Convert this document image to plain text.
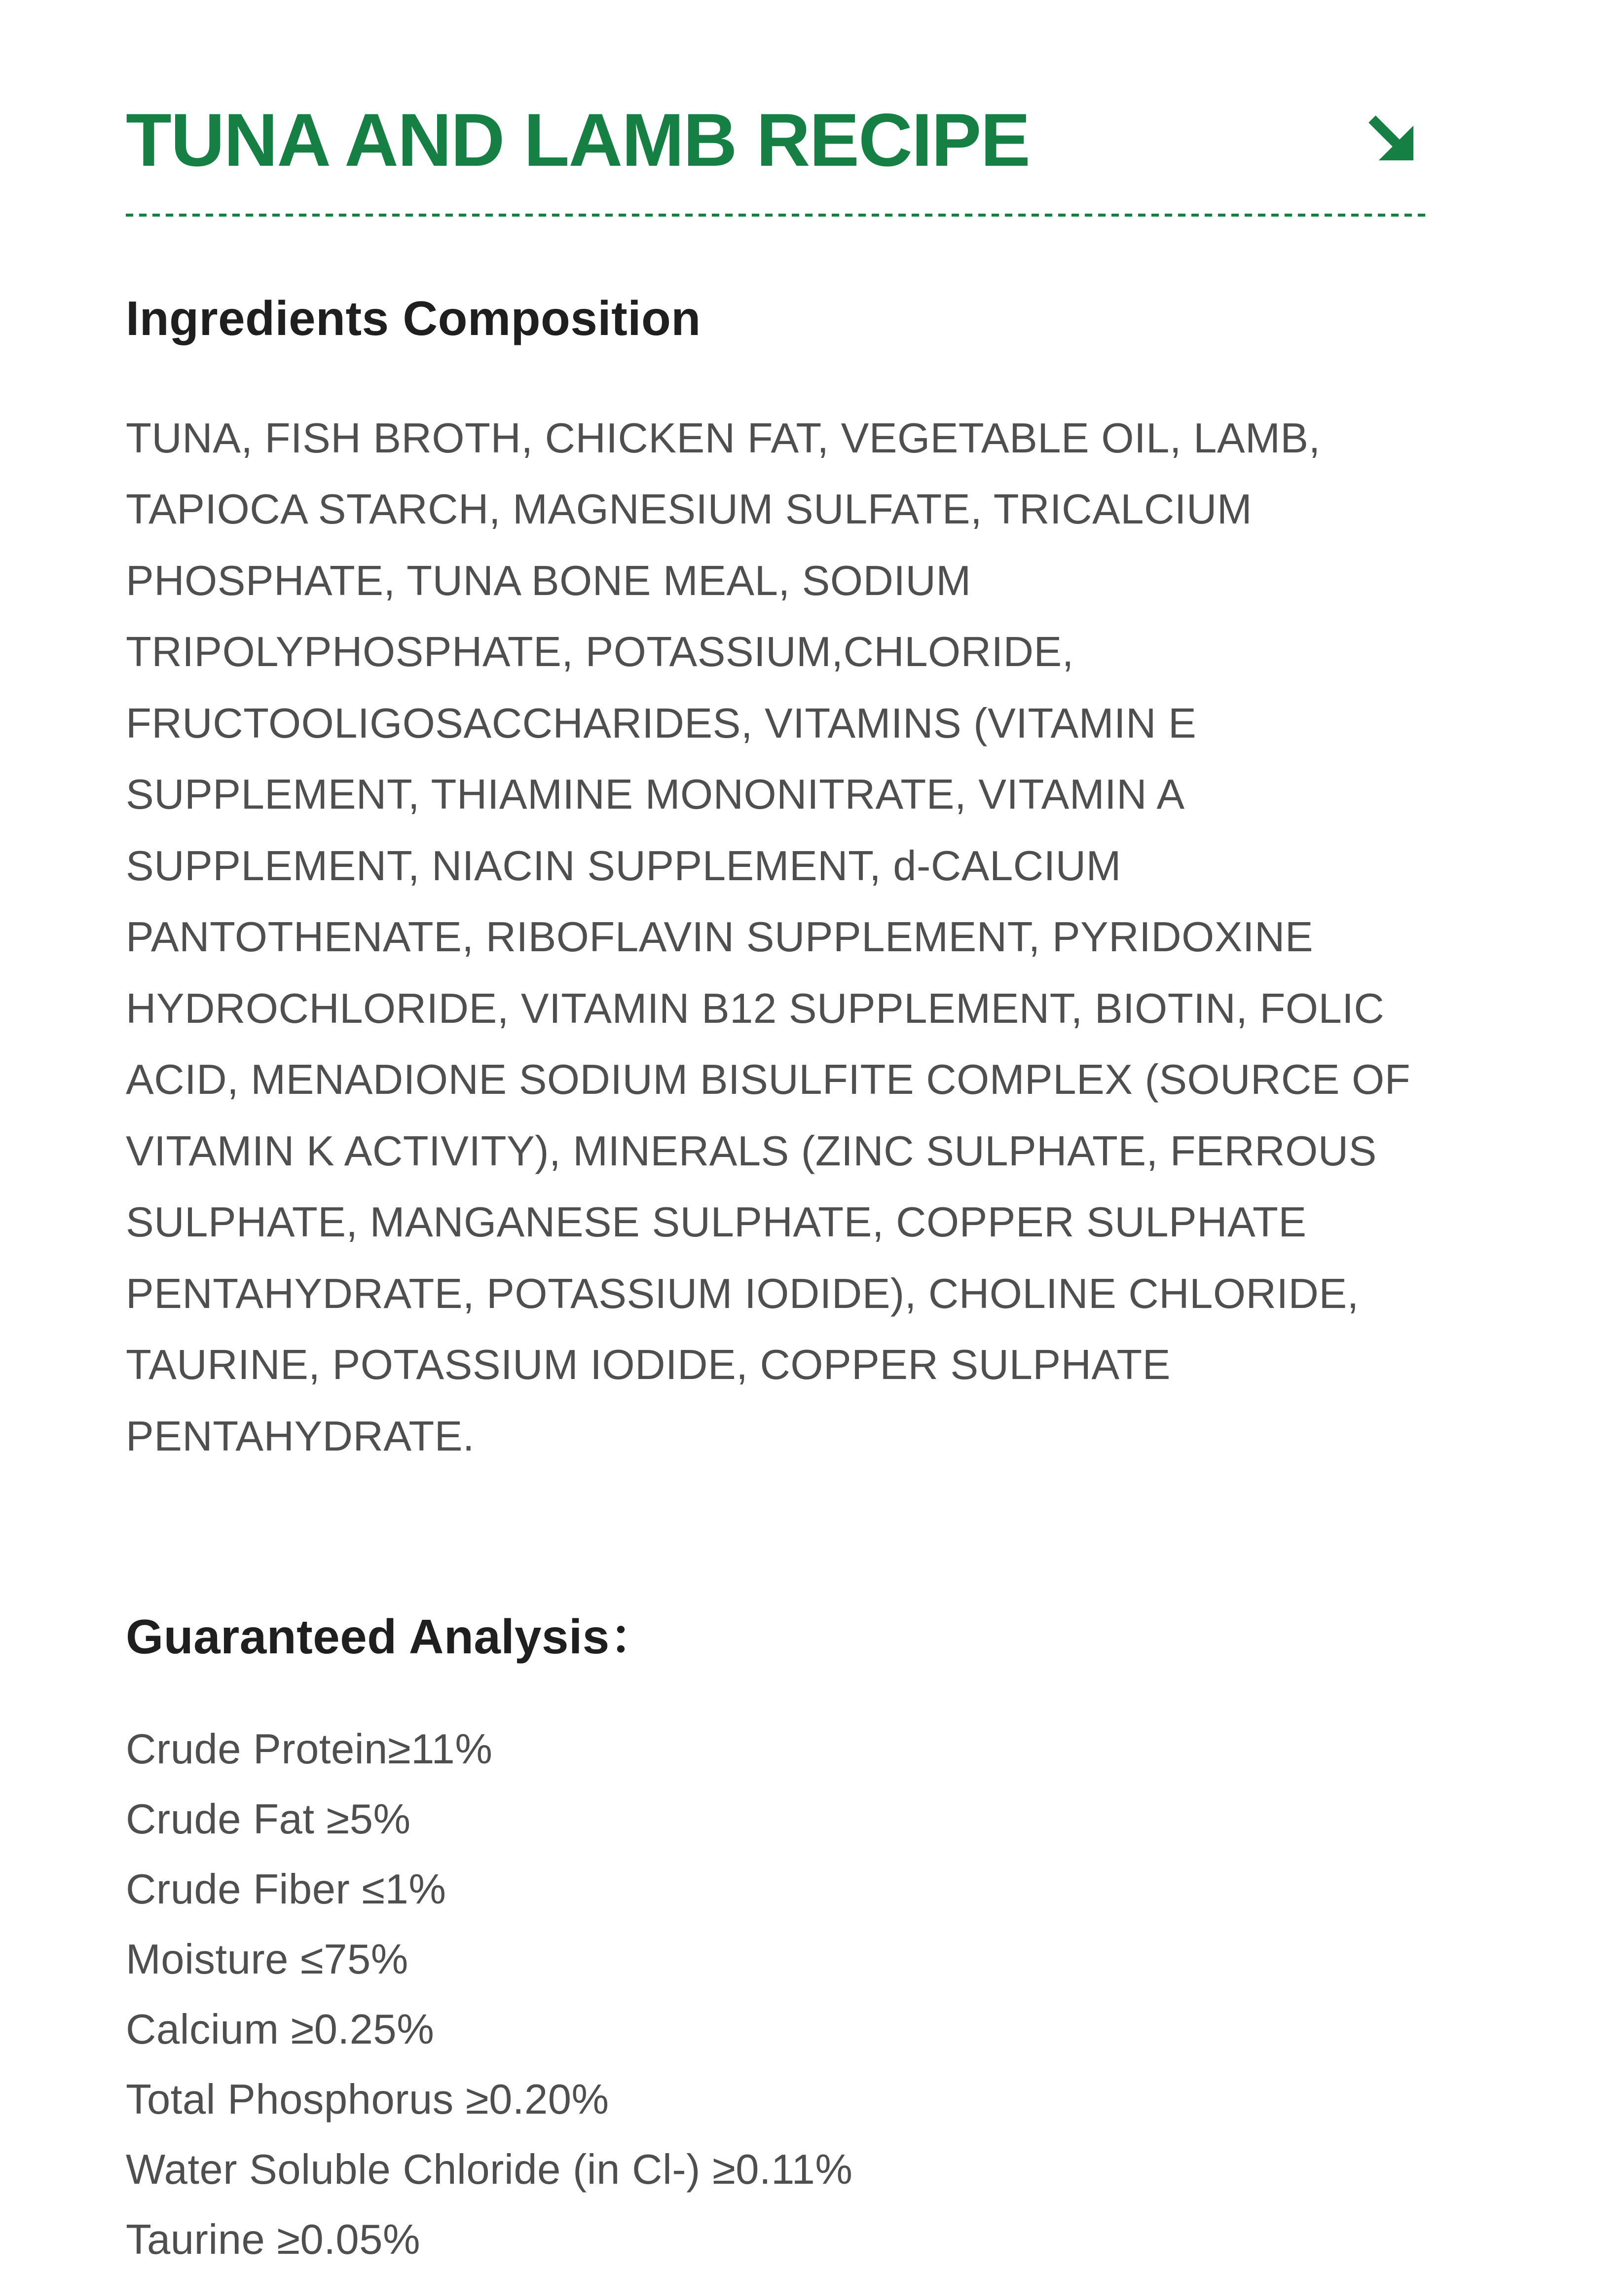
TUNA AND LAMB RECIPE
Ingredients Composition

TUNA, FISH BROTH, CHICKEN FAT, VEGETABLE OIL, LAMB, TAPIOCA STARCH, MAGNESIUM SULFATE, TRICALCIUM PHOSPHATE, TUNA BONE MEAL, SODIUM TRIPOLYPHOSPHATE, POTASSIUM,CHLORIDE, FRUCTOOLIGOSACCHARIDES, VITAMINS (VITAMIN E SUPPLEMENT, THIAMINE MONONITRATE, VITAMIN A SUPPLEMENT, NIACIN SUPPLEMENT, d-CALCIUM PANTOTHENATE, RIBOFLAVIN SUPPLEMENT, PYRIDOXINE HYDROCHLORIDE, VITAMIN B12 SUPPLEMENT, BIOTIN, FOLIC ACID, MENADIONE SODIUM BISULFITE COMPLEX (SOURCE OF VITAMIN K ACTIVITY), MINERALS (ZINC SULPHATE, FERROUS SULPHATE, MANGANESE SULPHATE, COPPER SULPHATE PENTAHYDRATE, POTASSIUM IODIDE), CHOLINE CHLORIDE, TAURINE, POTASSIUM IODIDE, COPPER SULPHATE PENTAHYDRATE.

Guaranteed Analysis：
Crude Protein≥11%
Crude Fat ≥5%
Crude Fiber ≤1%
Moisture ≤75%
Calcium ≥0.25%
Total Phosphorus ≥0.20%
Water Soluble Chloride (in Cl-) ≥0.11%
Taurine ≥0.05%
